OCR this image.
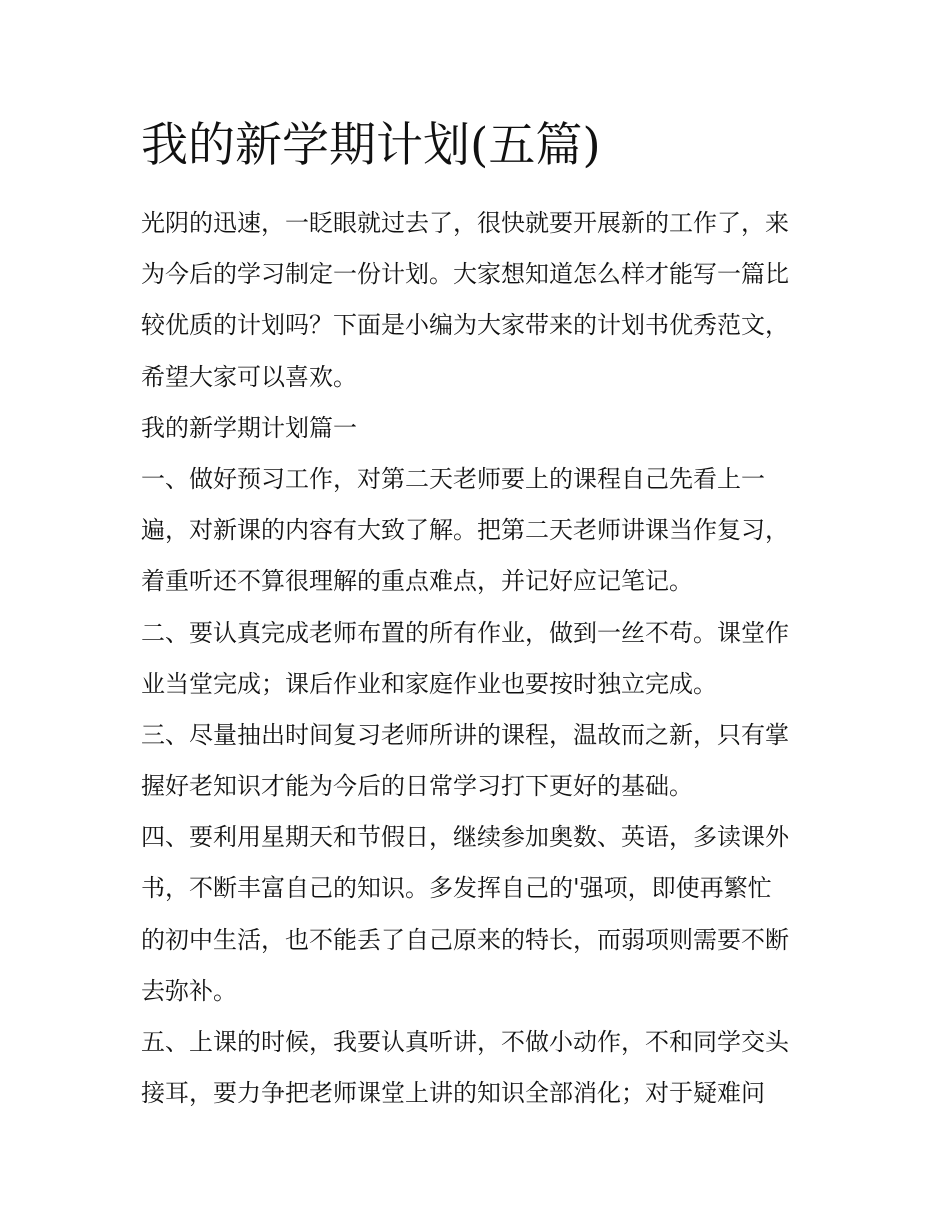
我的新学期计划(五篇)
光阴的迅速，一眨眼就过去了，很快就要开展新的工作了，来
为今后的学习制定一份计划。大家想知道怎么样才能写一篇比
较优质的计划吗？下面是小编为大家带来的计划书优秀范文，
希望大家可以喜欢。
我的新学期计划篇一
一、做好预习工作，对第二天老师要上的课程自己先看上一
遍，对新课的内容有大致了解。把第二天老师讲课当作复习，
着重听还不算很理解的重点难点，并记好应记笔记。
二、要认真完成老师布置的所有作业，做到一丝不苟。课堂作
业当堂完成；课后作业和家庭作业也要按时独立完成。
三、尽量抽出时间复习老师所讲的课程，温故而之新，只有掌
握好老知识才能为今后的日常学习打下更好的基础。
四、要利用星期天和节假日，继续参加奥数、英语，多读课外
书，不断丰富自己的知识。多发挥自己的'强项，即使再繁忙
的初中生活，也不能丢了自己原来的特长，而弱项则需要不断
去弥补。
五、上课的时候，我要认真听讲，不做小动作，不和同学交头
接耳，要力争把老师课堂上讲的知识全部消化；对于疑难问
